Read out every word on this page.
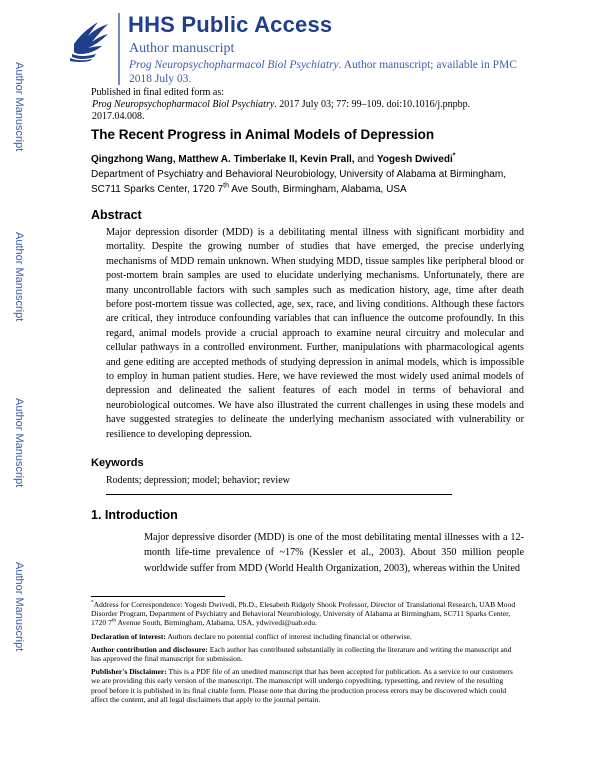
HHS Public Access
Author manuscript
Prog Neuropsychopharmacol Biol Psychiatry. Author manuscript; available in PMC 2018 July 03.
Author Manuscript
Author Manuscript
Author Manuscript
Author Manuscript
Published in final edited form as:
Prog Neuropsychopharmacol Biol Psychiatry. 2017 July 03; 77: 99–109. doi:10.1016/j.pnpbp. 2017.04.008.
The Recent Progress in Animal Models of Depression
Qingzhong Wang, Matthew A. Timberlake II, Kevin Prall, and Yogesh Dwivedi*
Department of Psychiatry and Behavioral Neurobiology, University of Alabama at Birmingham, SC711 Sparks Center, 1720 7th Ave South, Birmingham, Alabama, USA
Abstract
Major depression disorder (MDD) is a debilitating mental illness with significant morbidity and mortality. Despite the growing number of studies that have emerged, the precise underlying mechanisms of MDD remain unknown. When studying MDD, tissue samples like peripheral blood or post-mortem brain samples are used to elucidate underlying mechanisms. Unfortunately, there are many uncontrollable factors with such samples such as medication history, age, time after death before post-mortem tissue was collected, age, sex, race, and living conditions. Although these factors are critical, they introduce confounding variables that can influence the outcome profoundly. In this regard, animal models provide a crucial approach to examine neural circuitry and molecular and cellular pathways in a controlled environment. Further, manipulations with pharmacological agents and gene editing are accepted methods of studying depression in animal models, which is impossible to employ in human patient studies. Here, we have reviewed the most widely used animal models of depression and delineated the salient features of each model in terms of behavioral and neurobiological outcomes. We have also illustrated the current challenges in using these models and have suggested strategies to delineate the underlying mechanism associated with vulnerability or resilience to developing depression.
Keywords
Rodents; depression; model; behavior; review
1. Introduction
Major depressive disorder (MDD) is one of the most debilitating mental illnesses with a 12-month life-time prevalence of ~17% (Kessler et al., 2003). About 350 million people worldwide suffer from MDD (World Health Organization, 2003), whereas within the United

*Address for Correspondence: Yogesh Dwivedi, Ph.D., Elesabeth Ridgely Shook Professor, Director of Translational Research, UAB Mood Disorder Program, Department of Psychiatry and Behavioral Neurobiology, University of Alabama at Birmingham, SC711 Sparks Center, 1720 7th Avenue South, Birmingham, Alabama, USA, ydwivedi@uab.edu.

Declaration of interest: Authors declare no potential conflict of interest including financial or otherwise.

Author contribution and disclosure: Each author has contributed substantially in collecting the literature and writing the manuscript and has approved the final manuscript for submission.

Publisher's Disclaimer: This is a PDF file of an unedited manuscript that has been accepted for publication. As a service to our customers we are providing this early version of the manuscript. The manuscript will undergo copyediting, typesetting, and review of the resulting proof before it is published in its final citable form. Please note that during the production process errors may be discovered which could affect the content, and all legal disclaimers that apply to the journal pertain.
